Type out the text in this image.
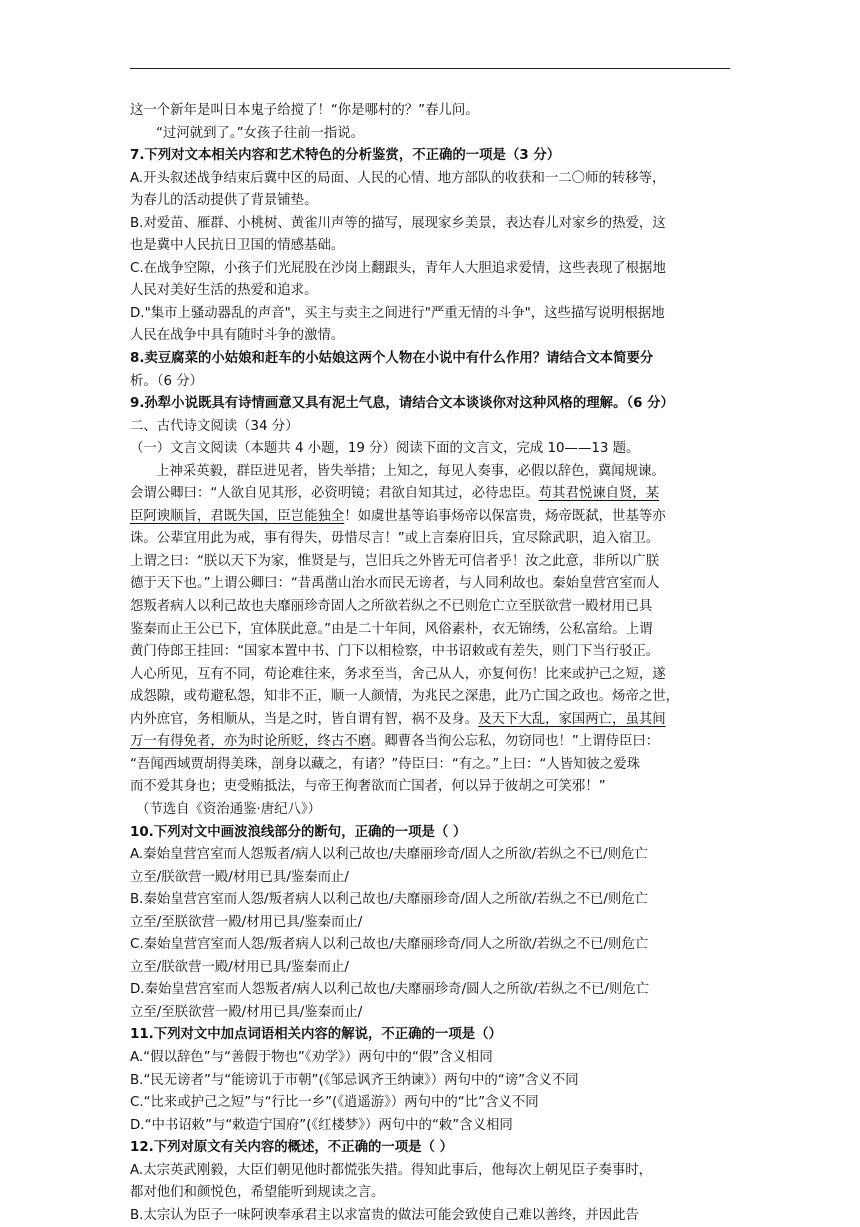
这一个新年是叫日本鬼子给搅了！“你是哪村的？”春儿问。
“过河就到了。”女孩子往前一指说。
7.下列对文本相关内容和艺术特色的分析鉴赏，不正确的一项是（3 分）
A.开头叙述战争结束后冀中区的局面、人民的心情、地方部队的收获和一二〇师的转移等，
为春儿的活动提供了背景铺垫。
B.对爱苗、雁群、小桃树、黄雀川声等的描写，展现家乡美景，表达春儿对家乡的热爱，这
也是冀中人民抗日卫国的情感基础。
C.在战争空隙，小孩子们光屁股在沙岗上翻跟头，青年人大胆追求爱情，这些表现了根据地
人民对美好生活的热爱和追求。
D."集市上骚动器乱的声音"，买主与卖主之间进行"严重无情的斗争"，这些描写说明根据地
人民在战争中具有随时斗争的激情。
8.卖豆腐菜的小姑娘和赶车的小姑娘这两个人物在小说中有什么作用？请结合文本简要分
析。（6 分）
9.孙犁小说既具有诗情画意又具有泥土气息，请结合文本谈谈你对这种风格的理解。（6 分）
二、古代诗文阅读（34 分）
（一）文言文阅读（本题共 4 小题，19 分）阅读下面的文言文，完成 10——13 题。
上神采英毅，群臣进见者，皆失举措；上知之，每见人奏事，必假以辞色，冀闻规谏。
会谓公卿曰：“人欲自见其形，必资明镜；君欲自知其过，必待忠臣。苟其君悦谏自贤，某
臣阿谀顺旨，君既失国，臣岂能独全！如虞世基等谄事炀帝以保富贵，炀帝既弑，世基等亦
诛。公辈宜用此为戒，事有得失，毋惜尽言！”或上言秦府旧兵，宜尽除武职，追入宿卫。
上谓之曰：“朕以天下为家，惟贤是与，岂旧兵之外皆无可信者乎！汝之此意，非所以广朕
德于天下也。”上谓公卿曰：“昔禹凿山治水而民无谤者，与人同利故也。秦始皇营宫室而人
怨叛者病人以利己故也夫靡丽珍奇固人之所欲若纵之不已则危亡立至朕欲营一殿材用已具
鉴秦而止王公已下，宜体朕此意。”由是二十年间，风俗素朴，衣无锦绣，公私富给。上谓
黄门侍郎王挂回：“国家本置中书、门下以相检察，中书诏敕或有差失，则门下当行驳正。
人心所见，互有不同，苟论难往来，务求至当，舍己从人，亦复何伤！比来或护己之短，遂
成怨隙，或苟避私怨，知非不正，顺一人颜情，为兆民之深患，此乃亡国之政也。炀帝之世，
内外庶官，务相顺从，当是之时，皆自谓有智，祸不及身。及天下大乱，家国两亡，虽其间
万一有得免者，亦为时论所贬，终古不磨。卿曹各当徇公忘私，勿窃同也！”上谓侍臣曰：
“吾闻西域贾胡得美珠，剖身以藏之，有诸？”侍臣曰：“有之。”上曰：“人皆知彼之爱珠
而不爱其身也；吏受贿抵法，与帝王徇奢欲而亡国者，何以异于彼胡之可笑邪！”
（节选自《资治通鉴·唐纪八》）
10.下列对文中画波浪线部分的断句，正确的一项是（ ）
A.秦始皇营宫室而人怨叛者/病人以利己故也/夫靡丽珍奇/固人之所欲/若纵之不已/则危亡
立至/朕欲营一殿/材用已具/鉴秦而止/
B.秦始皇营宫室而人怨/叛者病人以利己故也/夫靡丽珍奇/固人之所欲/若纵之不已/则危亡
立至/至朕欲营一殿/材用已具/鉴秦而止/
C.秦始皇营宫室而人怨/叛者病人以利己故也/夫靡丽珍奇/同人之所欲/若纵之不已/则危亡
立至/朕欲营一殿/材用已具/鉴秦而止/
D.秦始皇营宫室而人怨叛者/病人以利己故也/夫靡丽珍奇/圆人之所欲/若纵之不已/则危亡
立至/至朕欲营一殿/材用已具/鉴秦而止/
11.下列对文中加点词语相关内容的解说，不正确的一项是（）
A.“假以辞色”与“善假于物也”《劝学》）两句中的“假”含义相同
B.“民无谤者”与“能谤讥于市朝”(《邹忌讽齐王纳谏》）两句中的“谤”含义不同
C.“比来或护己之短”与“行比一乡”(《逍遥游》）两句中的“比”含义不同
D.“中书诏敕”与“敕造宁国府”(《红楼梦》）两句中的“敕”含义相同
12.下列对原文有关内容的概述，不正确的一项是（ ）
A.太宗英武刚毅，大臣们朝见他时都慌张失措。得知此事后，他每次上朝见臣子奏事时，
都对他们和颜悦色，希望能听到规读之言。
B.太宗认为臣子一味阿谀奉承君主以求富贵的做法可能会致使自己难以善终，并因此告
